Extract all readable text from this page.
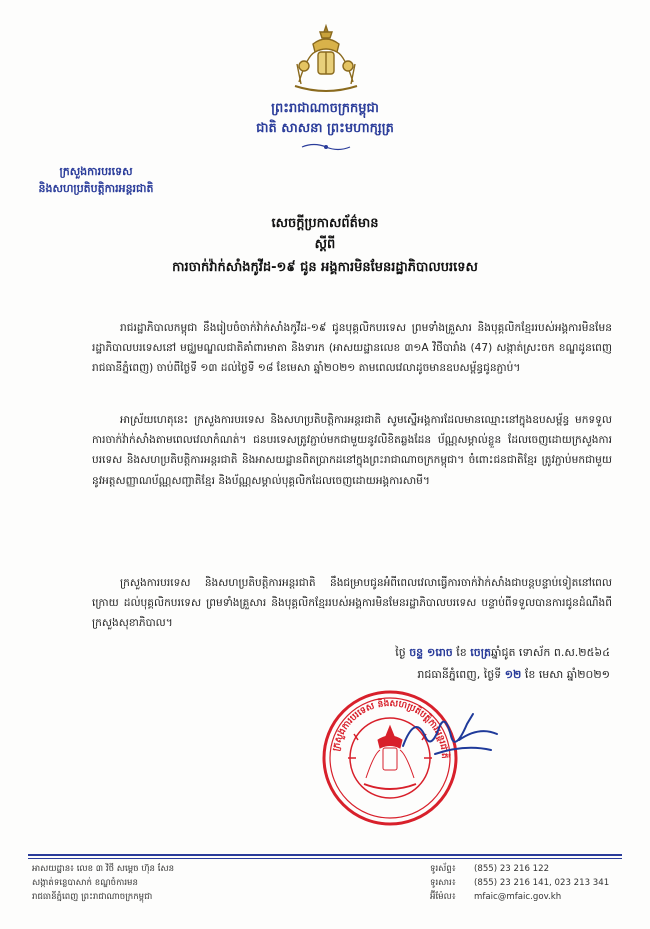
ព្រះរាជាណាចក្រកម្ពុជា
ជាតិ សាសនា ព្រះមហាក្សត្រ
ក្រសួងការបរទេស
និងសហប្រតិបត្តិការអន្តរជាតិ
សេចក្តីប្រកាសព័ត៌មាន
ស្តីពី
ការចាក់វ៉ាក់សាំងកូវីដ-១៩ ជូន អង្គការមិនមែនរដ្ឋាភិបាលបរទេស
រាជរដ្ឋាភិបាលកម្ពុជា នឹងរៀបចំចាក់វ៉ាក់សាំងកូវីដ-១៩ ជូនបុគ្គលិកបរទេស ព្រមទាំងគ្រួសារ និងបុគ្គលិកខ្មែររបស់អង្គការមិនមែនរដ្ឋាភិបាលបរទេសនៅ មជ្ឈមណ្ឌលជាតិគាំពារមាតា និងទារក (អាសយដ្ឋានលេខ ៣១A វិថីបារាំង (47) សង្កាត់ស្រះចក ខណ្ឌដូនពេញ រាជធានីភ្នំពេញ) ចាប់ពីថ្ងៃទី ១៣ ដល់ថ្ងៃទី ១៨ ខែមេសា ឆ្នាំ២០២១ តាមពេលវេលាដូចមានឧបសម្ព័ន្ធជូនភ្ជាប់។
អាស្រ័យហេតុនេះ ក្រសួងការបរទេស និងសហប្រតិបត្តិការអន្តរជាតិ សូមស្នើអង្គការដែលមានឈ្មោះនៅក្នុងឧបសម្ព័ន្ធ មកទទួលការចាក់វ៉ាក់សាំងតាមពេលវេលាកំណត់។ ជនបរទេសត្រូវភ្ជាប់មកជាមួយនូវលិខិតឆ្លងដែន ប័ណ្ណសម្គាល់ខ្លួន ដែលចេញដោយក្រសួងការបរទេស និងសហប្រតិបត្តិការអន្តរជាតិ និងអាសយដ្ឋានពិតប្រាកដនៅក្នុងព្រះរាជាណាចក្រកម្ពុជា។ ចំពោះជនជាតិខ្មែរ ត្រូវភ្ជាប់មកជាមួយនូវអត្តសញ្ញាណប័ណ្ណសញ្ជាតិខ្មែរ និងប័ណ្ណសម្គាល់បុគ្គលិកដែលចេញដោយអង្គការសាមី។
ក្រសួងការបរទេស និងសហប្រតិបត្តិការអន្តរជាតិ នឹងជម្រាបជូនអំពីពេលវេលាធ្វើការចាក់វ៉ាក់សាំងជាបន្តបន្ទាប់ទៀតនៅពេលក្រោយ ដល់បុគ្គលិកបរទេស ព្រមទាំងគ្រួសារ និងបុគ្គលិកខ្មែររបស់អង្គការមិនមែនរដ្ឋាភិបាលបរទេស បន្ទាប់ពីទទួលបានការជូនដំណឹងពីក្រសួងសុខាភិបាល។
ថ្ងៃ ចន្ទ ១រោច ខែ ចេត្រឆ្នាំជូត ទោស័ក ព.ស.២៥៦៤
រាជធានីភ្នំពេញ, ថ្ងៃទី ១២ ខែ មេសា ឆ្នាំ២០២១
ក្រសួងការបរទេស និងសហប្រតិបត្តិការអន្តរជាតិ
អាសយដ្ឋាន៖ លេខ ៣ វិថី សម្តេច ហ៊ុន សែន
សង្កាត់ទន្លេបាសាក់ ខណ្ឌចំការមន
រាជធានីភ្នំពេញ ព្រះរាជាណាចក្រកម្ពុជា
ទូរស័ព្ទ៖ (855) 23 216 122
ទូរសារ៖ (855) 23 216 141, 023 213 341
អ៊ីម៉ែល៖ mfaic@mfaic.gov.kh
